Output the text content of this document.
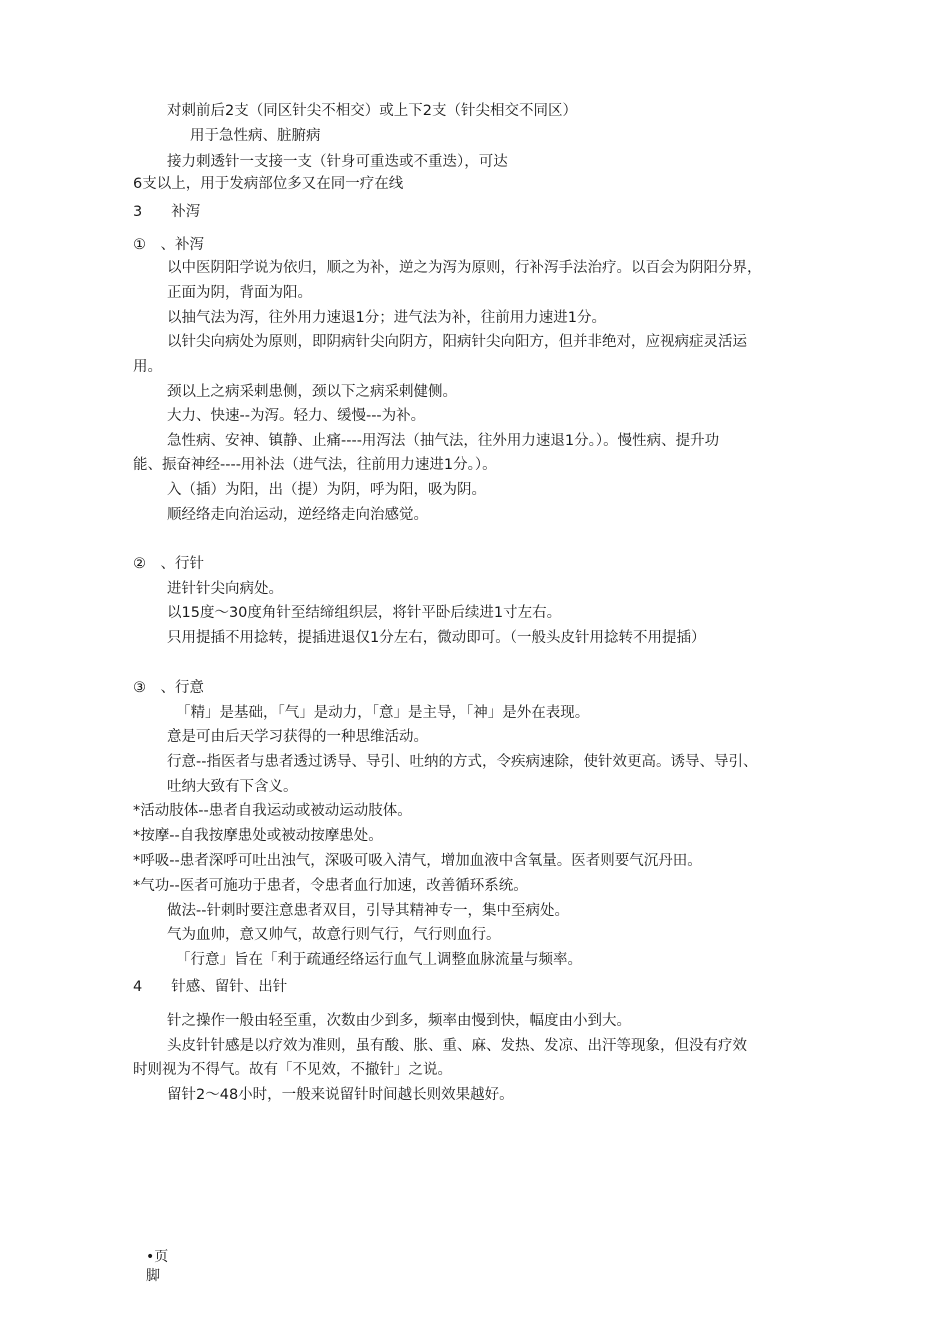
对刺前后2支（同区针尖不相交）或上下2支（针尖相交不同区）
用于急性病、脏腑病
接力刺透针一支接一支（针身可重迭或不重迭），可达
6支以上，用于发病部位多又在同一疗在线
3　　补泻
①　、补泻
以中医阴阳学说为依归，顺之为补，逆之为泻为原则，行补泻手法治疗。以百会为阴阳分界，
正面为阴，背面为阳。
以抽气法为泻，往外用力速退1分；进气法为补，往前用力速进1分。
以针尖向病处为原则，即阴病针尖向阴方，阳病针尖向阳方，但并非绝对，应视病症灵活运
用。
颈以上之病采剌患侧，颈以下之病采剌健侧。
大力、快速--为泻。轻力、缓慢---为补。
急性病、安神、镇静、止痛----用泻法（抽气法，往外用力速退1分。）。慢性病、提升功
能、振奋神经----用补法（进气法，往前用力速进1分。）。
入（插）为阳，出（提）为阴，呼为阳，吸为阴。
顺经络走向治运动，逆经络走向治感觉。
②　、行针
进针针尖向病处。
以15度〜30度角针至结缔组织层，将针平卧后续进1寸左右。
只用提插不用捻转，提插进退仅1分左右，微动即可。（一般头皮针用捻转不用提插）
③　、行意
「精」是基础，「气」是动力，「意」是主导，「神」是外在表现。
意是可由后天学习获得的一种思维活动。
行意--指医者与患者透过诱导、导引、吐纳的方式，令疾病速除，使针效更高。诱导、导引、
吐纳大致有下含义。
*活动肢体--患者自我运动或被动运动肢体。
*按摩--自我按摩患处或被动按摩患处。
*呼吸--患者深呼可吐出浊气，深吸可吸入清气，增加血液中含氧量。医者则要气沉丹田。
*气功--医者可施功于患者，令患者血行加速，改善循环系统。
做法--针刺时要注意患者双目，引导其精神专一，集中至病处。
气为血帅，意又帅气，故意行则气行，气行则血行。
「行意」旨在「利于疏通经络运行血气丄调整血脉流量与频率。
4　　针感、留针、出针
针之操作一般由轻至重，次数由少到多，频率由慢到快，幅度由小到大。
头皮针针感是以疗效为准则，虽有酸、胀、重、麻、发热、发凉、出汗等现象，但没有疗效
时则视为不得气。故有「不见效，不撤针」之说。
留针2〜48小时，一般来说留针时间越长则效果越好。
•页
脚
